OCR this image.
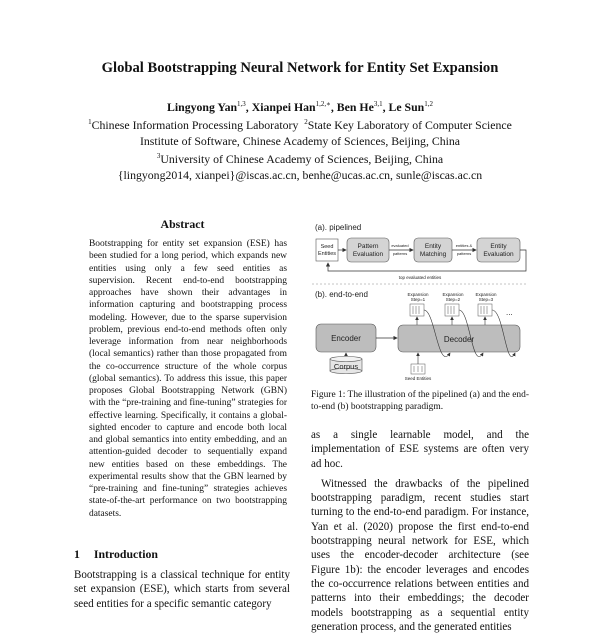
Global Bootstrapping Neural Network for Entity Set Expansion
Lingyong Yan$^{1,3}$, Xianpei Han$^{1,2,∗}$, Ben He$^{3,1}$, Le Sun$^{1,2}$
$^1$Chinese Information Processing Laboratory $^2$State Key Laboratory of Computer Science
Institute of Software, Chinese Academy of Sciences, Beijing, China
$^3$University of Chinese Academy of Sciences, Beijing, China
{lingyong2014, xianpei}@iscas.ac.cn, benhe@ucas.ac.cn, sunle@iscas.ac.cn
Abstract
Bootstrapping for entity set expansion (ESE) has been studied for a long period, which expands new entities using only a few seed entities as supervision. Recent end-to-end bootstrapping approaches have shown their advantages in information capturing and bootstrapping process modeling. However, due to the sparse supervision problem, previous end-to-end methods often only leverage information from near neighborhoods (local semantics) rather than those propagated from the co-occurrence structure of the whole corpus (global semantics). To address this issue, this paper proposes Global Bootstrapping Network (GBN) with the “pre-training and fine-tuning” strategies for effective learning. Specifically, it contains a global-sighted encoder to capture and encode both local and global semantics into entity embedding, and an attention-guided decoder to sequentially expand new entities based on these embeddings. The experimental results show that the GBN learned by “pre-training and fine-tuning” strategies achieves state-of-the-art performance on two bootstrapping datasets.
1 Introduction
Bootstrapping is a classical technique for entity set expansion (ESE), which starts from several seed entities for a specific semantic category
(a). pipelined
Seed
Entities
Pattern
Evaluation
evaluated
patterns
Entity
Matching
entities &
patterns
Entity
Evaluation
top evaluated entities
(b). end-to-end	Expansion
Step=1
Expansion
Step=2
Expansion
Step=3
...
Encoder	Decoder
Corpus
Seed Entities
Figure 1: The illustration of the pipelined (a) and the end-to-end (b) bootstrapping paradigm.

as a single learnable model, and the implementation of ESE systems are often very ad hoc.

Witnessed the drawbacks of the pipelined bootstrapping paradigm, recent studies start turning to the end-to-end paradigm. For instance, Yan et al. (2020) propose the first end-to-end bootstrapping neural network for ESE, which uses the encoder-decoder architecture (see Figure 1b): the encoder leverages and encodes the co-occurrence relations between entities and patterns into their embeddings; the decoder models bootstrapping as a sequential entity generation process, and the generated entities
